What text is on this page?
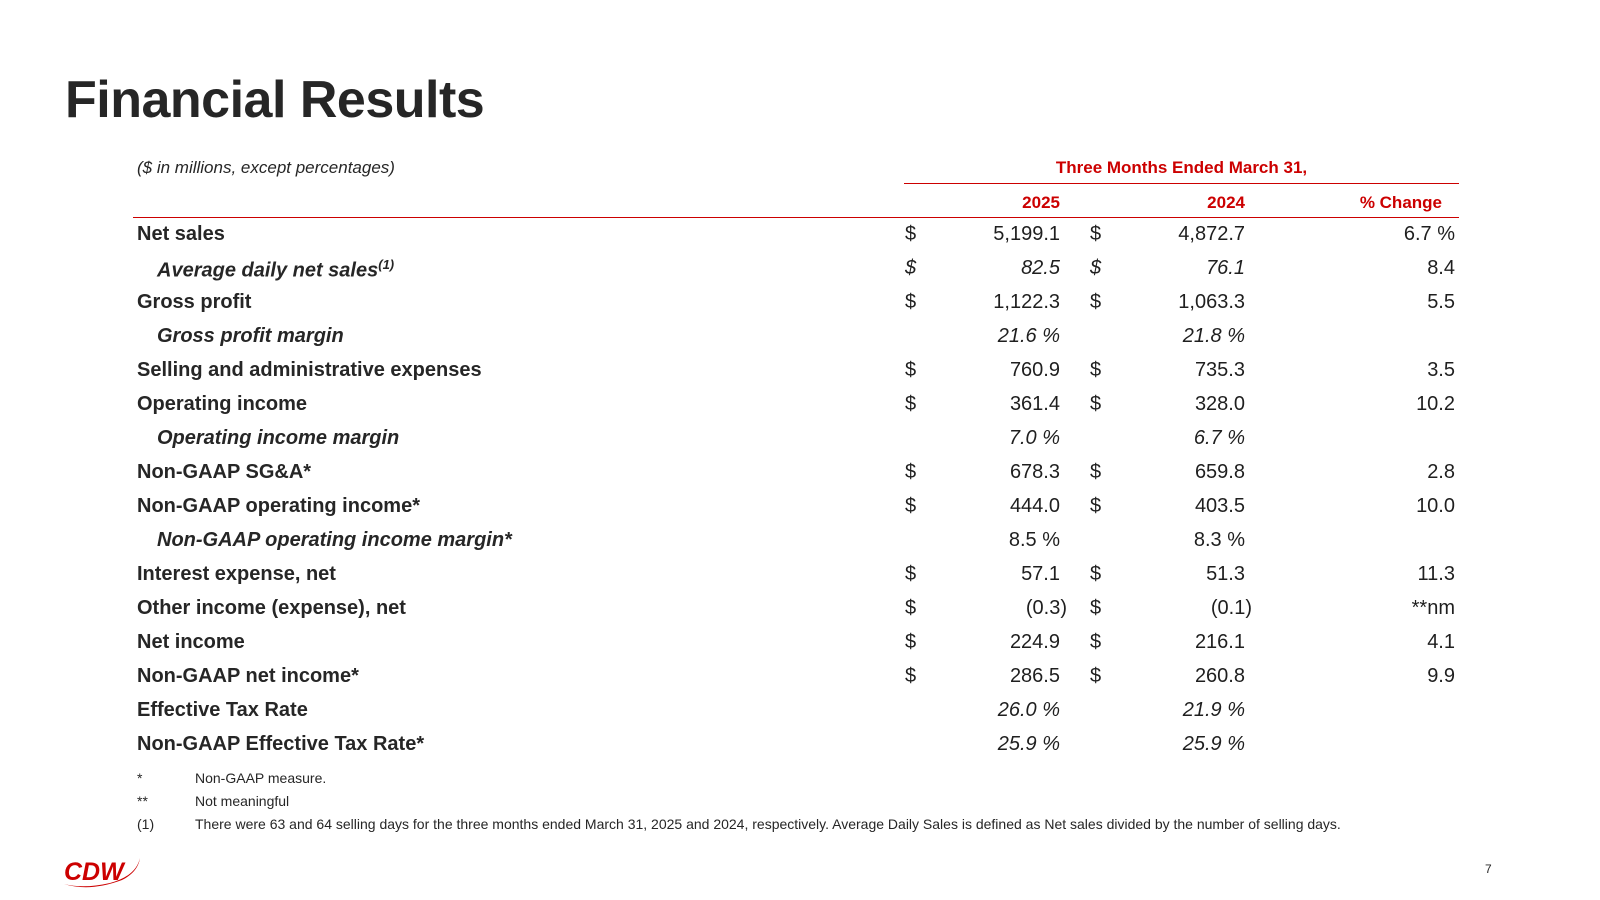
Financial Results
($ in millions, except percentages)	Three Months Ended March 31,
2025	2024	% Change
Net sales	$	5,199.1 $	4,872.7	6.7 %
Average daily net sales$^{(1)}$	$	82.5 $	76.1	8.4
Gross profit	$	1,122.3 $	1,063.3	5.5
Gross profit margin	21.6 %	21.8 %
Selling and administrative expenses	$	760.9 $	735.3	3.5
Operating income	$	361.4 $	328.0	10.2
Operating income margin	7.0 %	6.7 %
Non-GAAP SG&A*	$	678.3 $	659.8	2.8
Non-GAAP operating income*	$	444.0 $	403.5	10.0
Non-GAAP operating income margin*	8.5 %	8.3 %
Interest expense, net	$	57.1 $	51.3	11.3
Other income (expense), net	$	(0.3) $	(0.1)	**nm
Net income	$	224.9 $	216.1	4.1
Non-GAAP net income*	$	286.5 $	260.8	9.9
Effective Tax Rate	26.0 %	21.9 %
Non-GAAP Effective Tax Rate*	25.9 %	25.9 %
*	Non-GAAP measure.
**	Not meaningful
(1)	There were 63 and 64 selling days for the three months ended March 31, 2025 and 2024, respectively. Average Daily Sales is defined as Net sales divided by the number of selling days.
CDW	7
